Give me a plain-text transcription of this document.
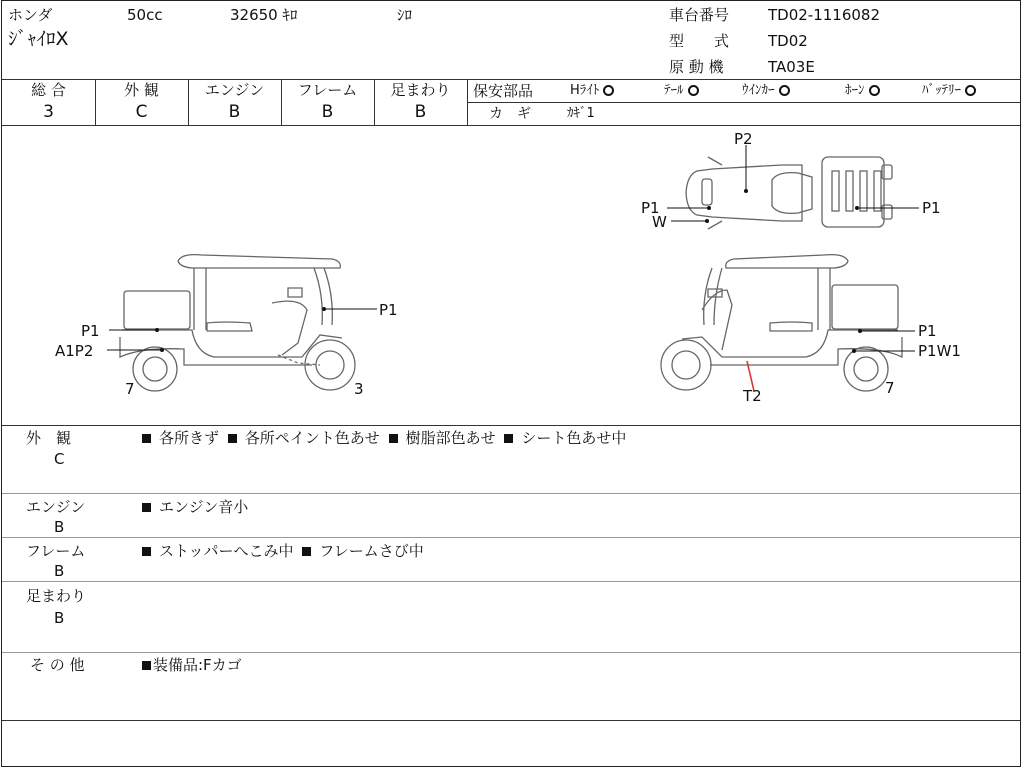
ホンダ	50cc	32650 ｷﾛ	ｼﾛ
ｼﾞｬｲﾛX
車台番号	TD02-1116082
型　　式	TD02
原 動 機	TA03E
総 合	外 観	エンジン	フレーム	足まわり
3	C	B	B	B
保安部品	Hﾗｲﾄ	ﾃｰﾙ	ｳｲﾝｶｰ	ﾎｰﾝ	ﾊﾞｯﾃﾘｰ
カ　ギ	ｶｷﾞ1
P2
P1
W
P1
P1
P1
A1P2
7	3
P1
P1W1
7
T2
外　観
C
各所きず 各所ペイント色あせ 樹脂部色あせ シート色あせ中
エンジン
B
エンジン音小
フレーム
B
ストッパーへこみ中 フレームさび中
足まわり
B
そ の 他	装備品:Fカゴ
